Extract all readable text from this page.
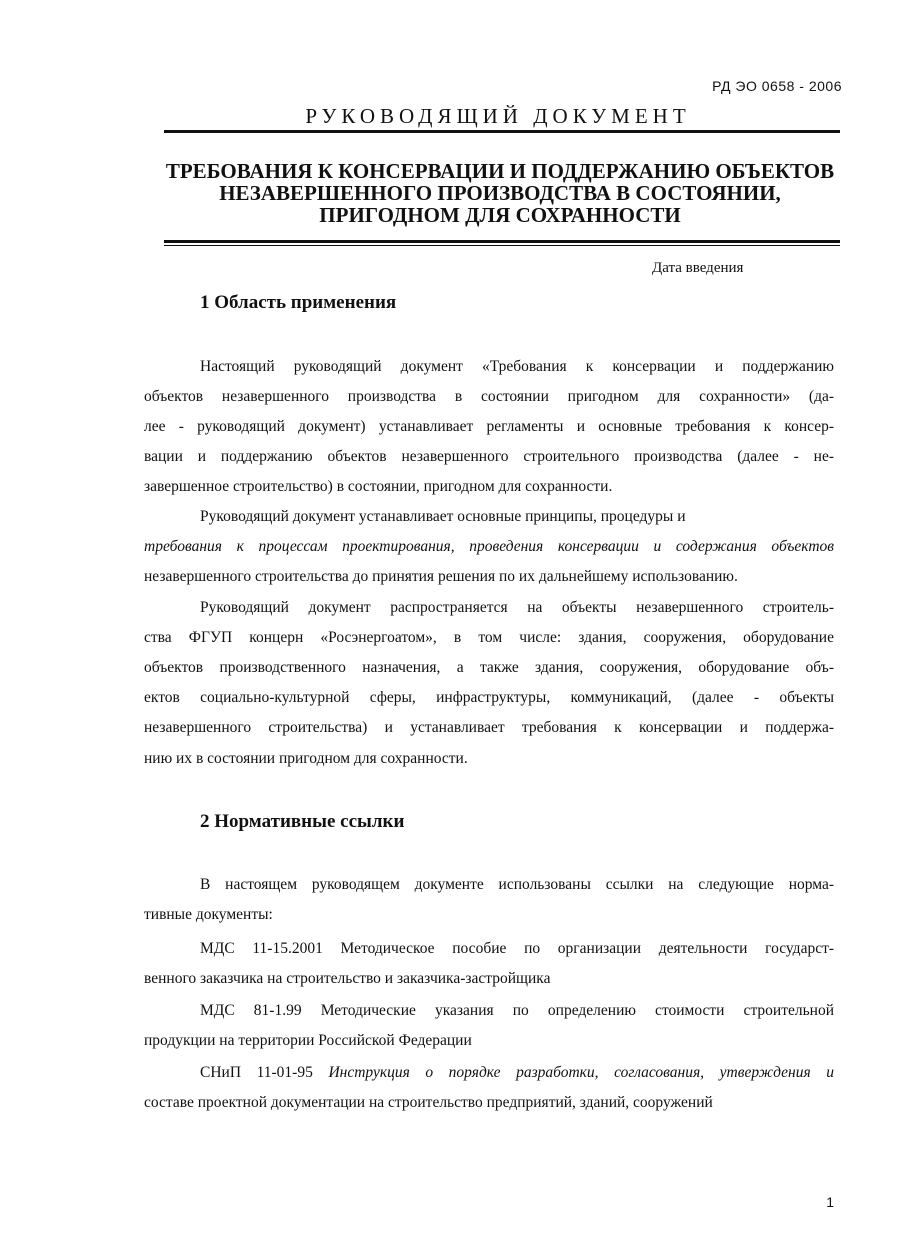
РД ЭО 0658 - 2006
РУКОВОДЯЩИЙ ДОКУМЕНТ
ТРЕБОВАНИЯ К КОНСЕРВАЦИИ И ПОДДЕРЖАНИЮ ОБЪЕКТОВ
НЕЗАВЕРШЕННОГО ПРОИЗВОДСТВА В СОСТОЯНИИ,
ПРИГОДНОМ ДЛЯ СОХРАННОСТИ
Дата введения
1 Область применения
Настоящий руководящий документ «Требования к консервации и поддержанию
объектов незавершенного производства в состоянии пригодном для сохранности» (да-
лее - руководящий документ) устанавливает регламенты и основные требования к консер-
вации и поддержанию объектов незавершенного строительного производства (далее - не-
завершенное строительство) в состоянии, пригодном для сохранности.
Руководящий документ устанавливает основные принципы, процедуры и
требования к процессам проектирования, проведения консервации и содержания объектов
незавершенного строительства до принятия решения по их дальнейшему использованию.
Руководящий документ распространяется на объекты незавершенного строитель-
ства ФГУП концерн «Росэнергоатом», в том числе: здания, сооружения, оборудование
объектов производственного назначения, а также здания, сооружения, оборудование объ-
ектов социально-культурной сферы, инфраструктуры, коммуникаций, (далее - объекты
незавершенного строительства) и устанавливает требования к консервации и поддержа-
нию их в состоянии пригодном для сохранности.
2 Нормативные ссылки
В настоящем руководящем документе использованы ссылки на следующие норма-
тивные документы:
МДС 11-15.2001 Методическое пособие по организации деятельности государст-
венного заказчика на строительство и заказчика-застройщика
МДС 81-1.99 Методические указания по определению стоимости строительной
продукции на территории Российской Федерации
СНиП 11-01-95 Инструкция о порядке разработки, согласования, утверждения и
составе проектной документации на строительство предприятий, зданий, сооружений
1
